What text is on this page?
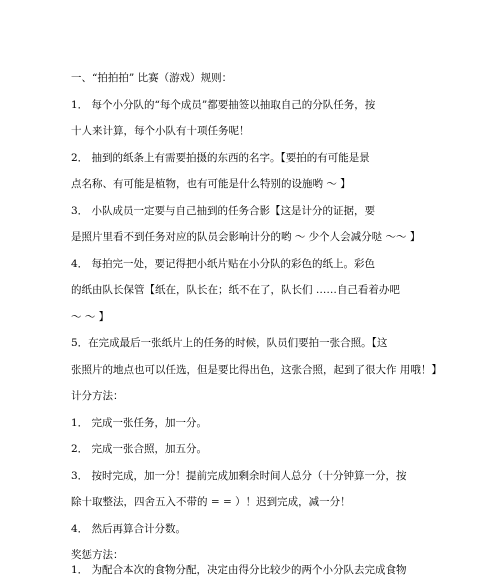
一、“拍拍拍” 比赛（游戏）规则：
1． 每个小分队的“每个成员”都要抽签以抽取自己的分队任务，按
十人来计算，每个小队有十项任务呢！
2． 抽到的纸条上有需要拍摄的东西的名字。【要拍的有可能是景
点名称、有可能是植物，也有可能是什么特别的设施哟 ～ 】
3． 小队成员一定要与自己抽到的任务合影【这是计分的证据，要
是照片里看不到任务对应的队员会影响计分的哟 ～ 少个人会减分哒 ～～ 】
4． 每拍完一处，要记得把小纸片贴在小分队的彩色的纸上。彩色
的纸由队长保管【纸在，队长在；纸不在了，队长们 ……自己看着办吧
～ ～ 】
5．在完成最后一张纸片上的任务的时候，队员们要拍一张合照。【这
张照片的地点也可以任选，但是要比得出色，这张合照，起到了很大作 用哦！】
计分方法：
1． 完成一张任务，加一分。
2． 完成一张合照，加五分。
3． 按时完成，加一分！提前完成加剩余时间人总分（十分钟算一分，按
除十取整法，四舍五入不带的 = = ）！迟到完成，减一分！
4． 然后再算合计分数。
奖惩方法：
1． 为配合本次的食物分配，决定由得分比较少的两个小分队去完成食物
